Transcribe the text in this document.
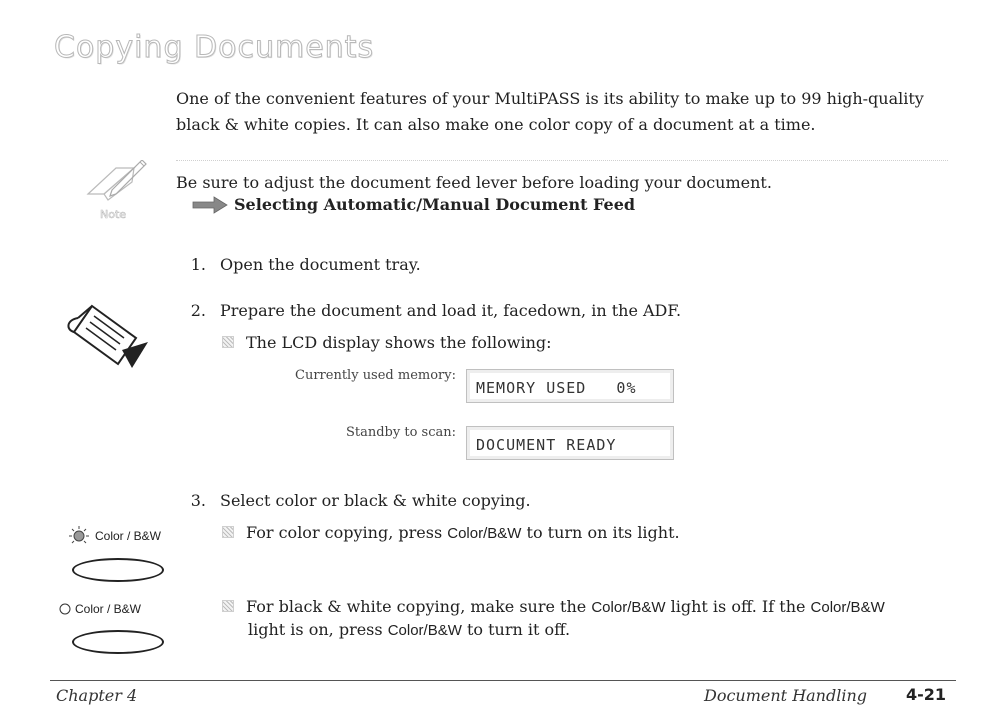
Copying Documents
One of the convenient features of your MultiPASS is its ability to make up to 99 high-quality black & white copies. It can also make one color copy of a document at a time.
Note
Be sure to adjust the document feed lever before loading your document.
Selecting Automatic/Manual Document Feed
1. Open the document tray.
2. Prepare the document and load it, facedown, in the ADF.
The LCD display shows the following:
Currently used memory:
MEMORY USED   0%
Standby to scan:
DOCUMENT READY
3. Select color or black & white copying.
For color copying, press Color/B&W to turn on its light.
Color / B&W
For black & white copying, make sure the Color/B&W light is off. If the Color/B&W
light is on, press Color/B&W to turn it off.
Color / B&W
Chapter 4	Document Handling 4-21
